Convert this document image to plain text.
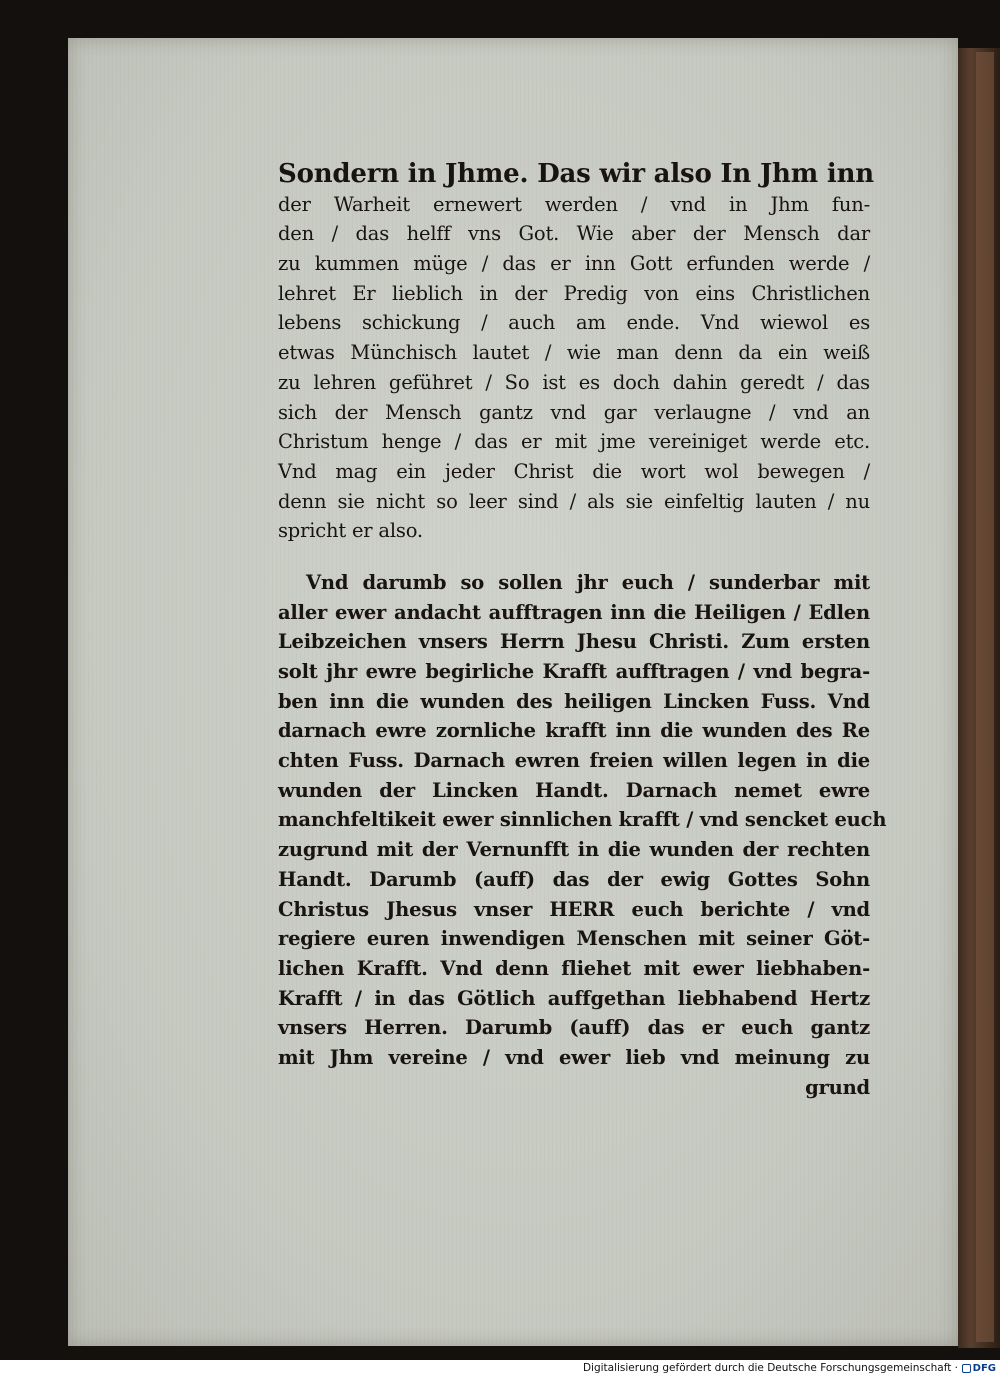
Sondern in Jhme. Das wir also In Jhm inn
der Warheit ernewert werden / vnd in Jhm fun-
den / das helff vns Got. Wie aber der Mensch dar
zu kummen müge / das er inn Gott erfunden werde /
lehret Er lieblich in der Predig von eins Christlichen
lebens schickung / auch am ende. Vnd wiewol es
etwas Münchisch lautet / wie man denn da ein weiß
zu lehren geführet / So ist es doch dahin geredt / das
sich der Mensch gantz vnd gar verlaugne / vnd an
Christum henge / das er mit jme vereiniget werde etc.
Vnd mag ein jeder Christ die wort wol bewegen /
denn sie nicht so leer sind / als sie einfeltig lauten / nu
spricht er also.
Vnd darumb so sollen jhr euch / sunderbar mit
aller ewer andacht aufftragen inn die Heiligen / Edlen
Leibzeichen vnsers Herrn Jhesu Christi. Zum ersten
solt jhr ewre begirliche Krafft aufftragen / vnd begra-
ben inn die wunden des heiligen Lincken Fuss. Vnd
darnach ewre zornliche krafft inn die wunden des Re
chten Fuss. Darnach ewren freien willen legen in die
wunden der Lincken Handt. Darnach nemet ewre
manchfeltikeit ewer sinnlichen krafft / vnd sencket euch
zugrund mit der Vernunfft in die wunden der rechten
Handt. Darumb (auff) das der ewig Gottes Sohn
Christus Jhesus vnser HERR euch berichte / vnd
regiere euren inwendigen Menschen mit seiner Göt-
lichen Krafft. Vnd denn fliehet mit ewer liebhaben-
Krafft / in das Götlich auffgethan liebhabend Hertz
vnsers Herren. Darumb (auff) das er euch gantz
mit Jhm vereine / vnd ewer lieb vnd meinung zu
grund
Digitalisierung gefördert durch die Deutsche Forschungsgemeinschaft · DFG
